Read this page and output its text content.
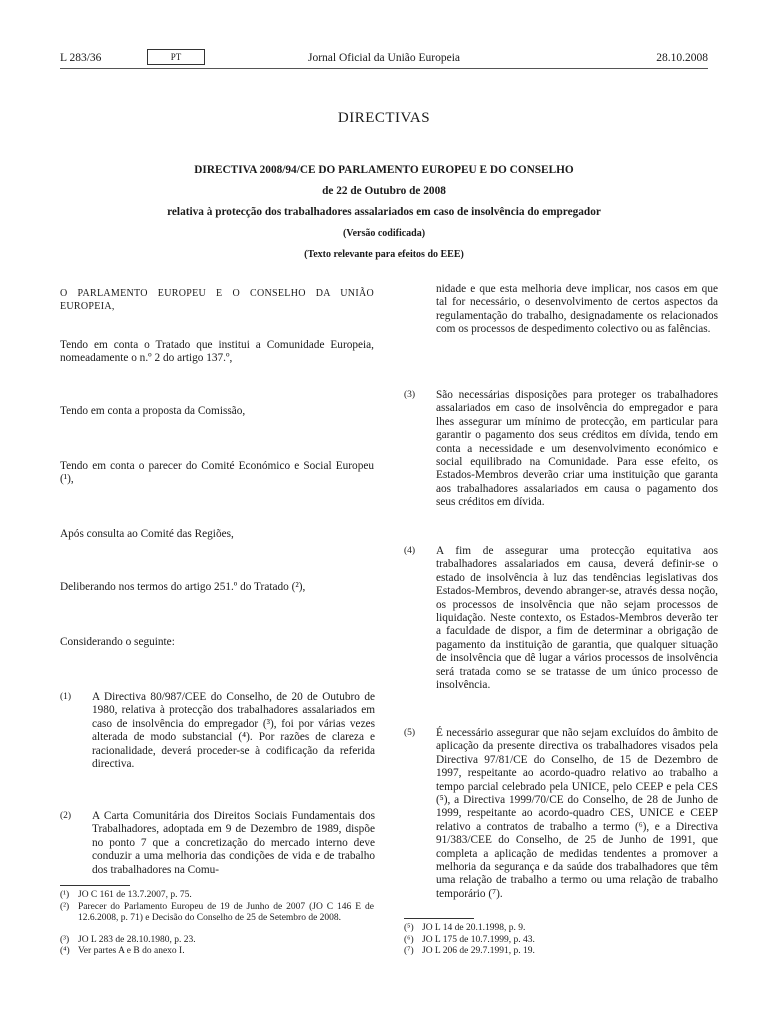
L 283/36	PT	Jornal Oficial da União Europeia	28.10.2008
DIRECTIVAS
DIRECTIVA 2008/94/CE DO PARLAMENTO EUROPEU E DO CONSELHO
de 22 de Outubro de 2008
relativa à protecção dos trabalhadores assalariados em caso de insolvência do empregador
(Versão codificada)
(Texto relevante para efeitos do EEE)
O PARLAMENTO EUROPEU E O CONSELHO DA UNIÃO EUROPEIA,
Tendo em conta o Tratado que institui a Comunidade Europeia, nomeadamente o n.º 2 do artigo 137.º,
Tendo em conta a proposta da Comissão,
Tendo em conta o parecer do Comité Económico e Social Europeu (¹),
Após consulta ao Comité das Regiões,
Deliberando nos termos do artigo 251.º do Tratado (²),
Considerando o seguinte:
(1) A Directiva 80/987/CEE do Conselho, de 20 de Outubro de 1980, relativa à protecção dos trabalhadores assalariados em caso de insolvência do empregador (³), foi por várias vezes alterada de modo substancial (⁴). Por razões de clareza e racionalidade, deverá proceder-se à codificação da referida directiva.
(2) A Carta Comunitária dos Direitos Sociais Fundamentais dos Trabalhadores, adoptada em 9 de Dezembro de 1989, dispõe no ponto 7 que a concretização do mercado interno deve conduzir a uma melhoria das condições de vida e de trabalho dos trabalhadores na Comu-
(¹) JO C 161 de 13.7.2007, p. 75.
(²) Parecer do Parlamento Europeu de 19 de Junho de 2007 (JO C 146 E de 12.6.2008, p. 71) e Decisão do Conselho de 25 de Setembro de 2008.
(³) JO L 283 de 28.10.1980, p. 23.
(⁴) Ver partes A e B do anexo I.
nidade e que esta melhoria deve implicar, nos casos em que tal for necessário, o desenvolvimento de certos aspectos da regulamentação do trabalho, designadamente os relacionados com os processos de despedimento colectivo ou as falências.
(3) São necessárias disposições para proteger os trabalhadores assalariados em caso de insolvência do empregador e para lhes assegurar um mínimo de protecção, em particular para garantir o pagamento dos seus créditos em dívida, tendo em conta a necessidade e um desenvolvimento económico e social equilibrado na Comunidade. Para esse efeito, os Estados-Membros deverão criar uma instituição que garanta aos trabalhadores assalariados em causa o pagamento dos seus créditos em dívida.
(4) A fim de assegurar uma protecção equitativa aos trabalhadores assalariados em causa, deverá definir-se o estado de insolvência à luz das tendências legislativas dos Estados-Membros, devendo abranger-se, através dessa noção, os processos de insolvência que não sejam processos de liquidação. Neste contexto, os Estados-Membros deverão ter a faculdade de dispor, a fim de determinar a obrigação de pagamento da instituição de garantia, que qualquer situação de insolvência que dê lugar a vários processos de insolvência será tratada como se se tratasse de um único processo de insolvência.
(5) É necessário assegurar que não sejam excluídos do âmbito de aplicação da presente directiva os trabalhadores visados pela Directiva 97/81/CE do Conselho, de 15 de Dezembro de 1997, respeitante ao acordo-quadro relativo ao trabalho a tempo parcial celebrado pela UNICE, pelo CEEP e pela CES (⁵), a Directiva 1999/70/CE do Conselho, de 28 de Junho de 1999, respeitante ao acordo-quadro CES, UNICE e CEEP relativo a contratos de trabalho a termo (⁶), e a Directiva 91/383/CEE do Conselho, de 25 de Junho de 1991, que completa a aplicação de medidas tendentes a promover a melhoria da segurança e da saúde dos trabalhadores que têm uma relação de trabalho a termo ou uma relação de trabalho temporário (⁷).
(⁵) JO L 14 de 20.1.1998, p. 9.
(⁶) JO L 175 de 10.7.1999, p. 43.
(⁷) JO L 206 de 29.7.1991, p. 19.
